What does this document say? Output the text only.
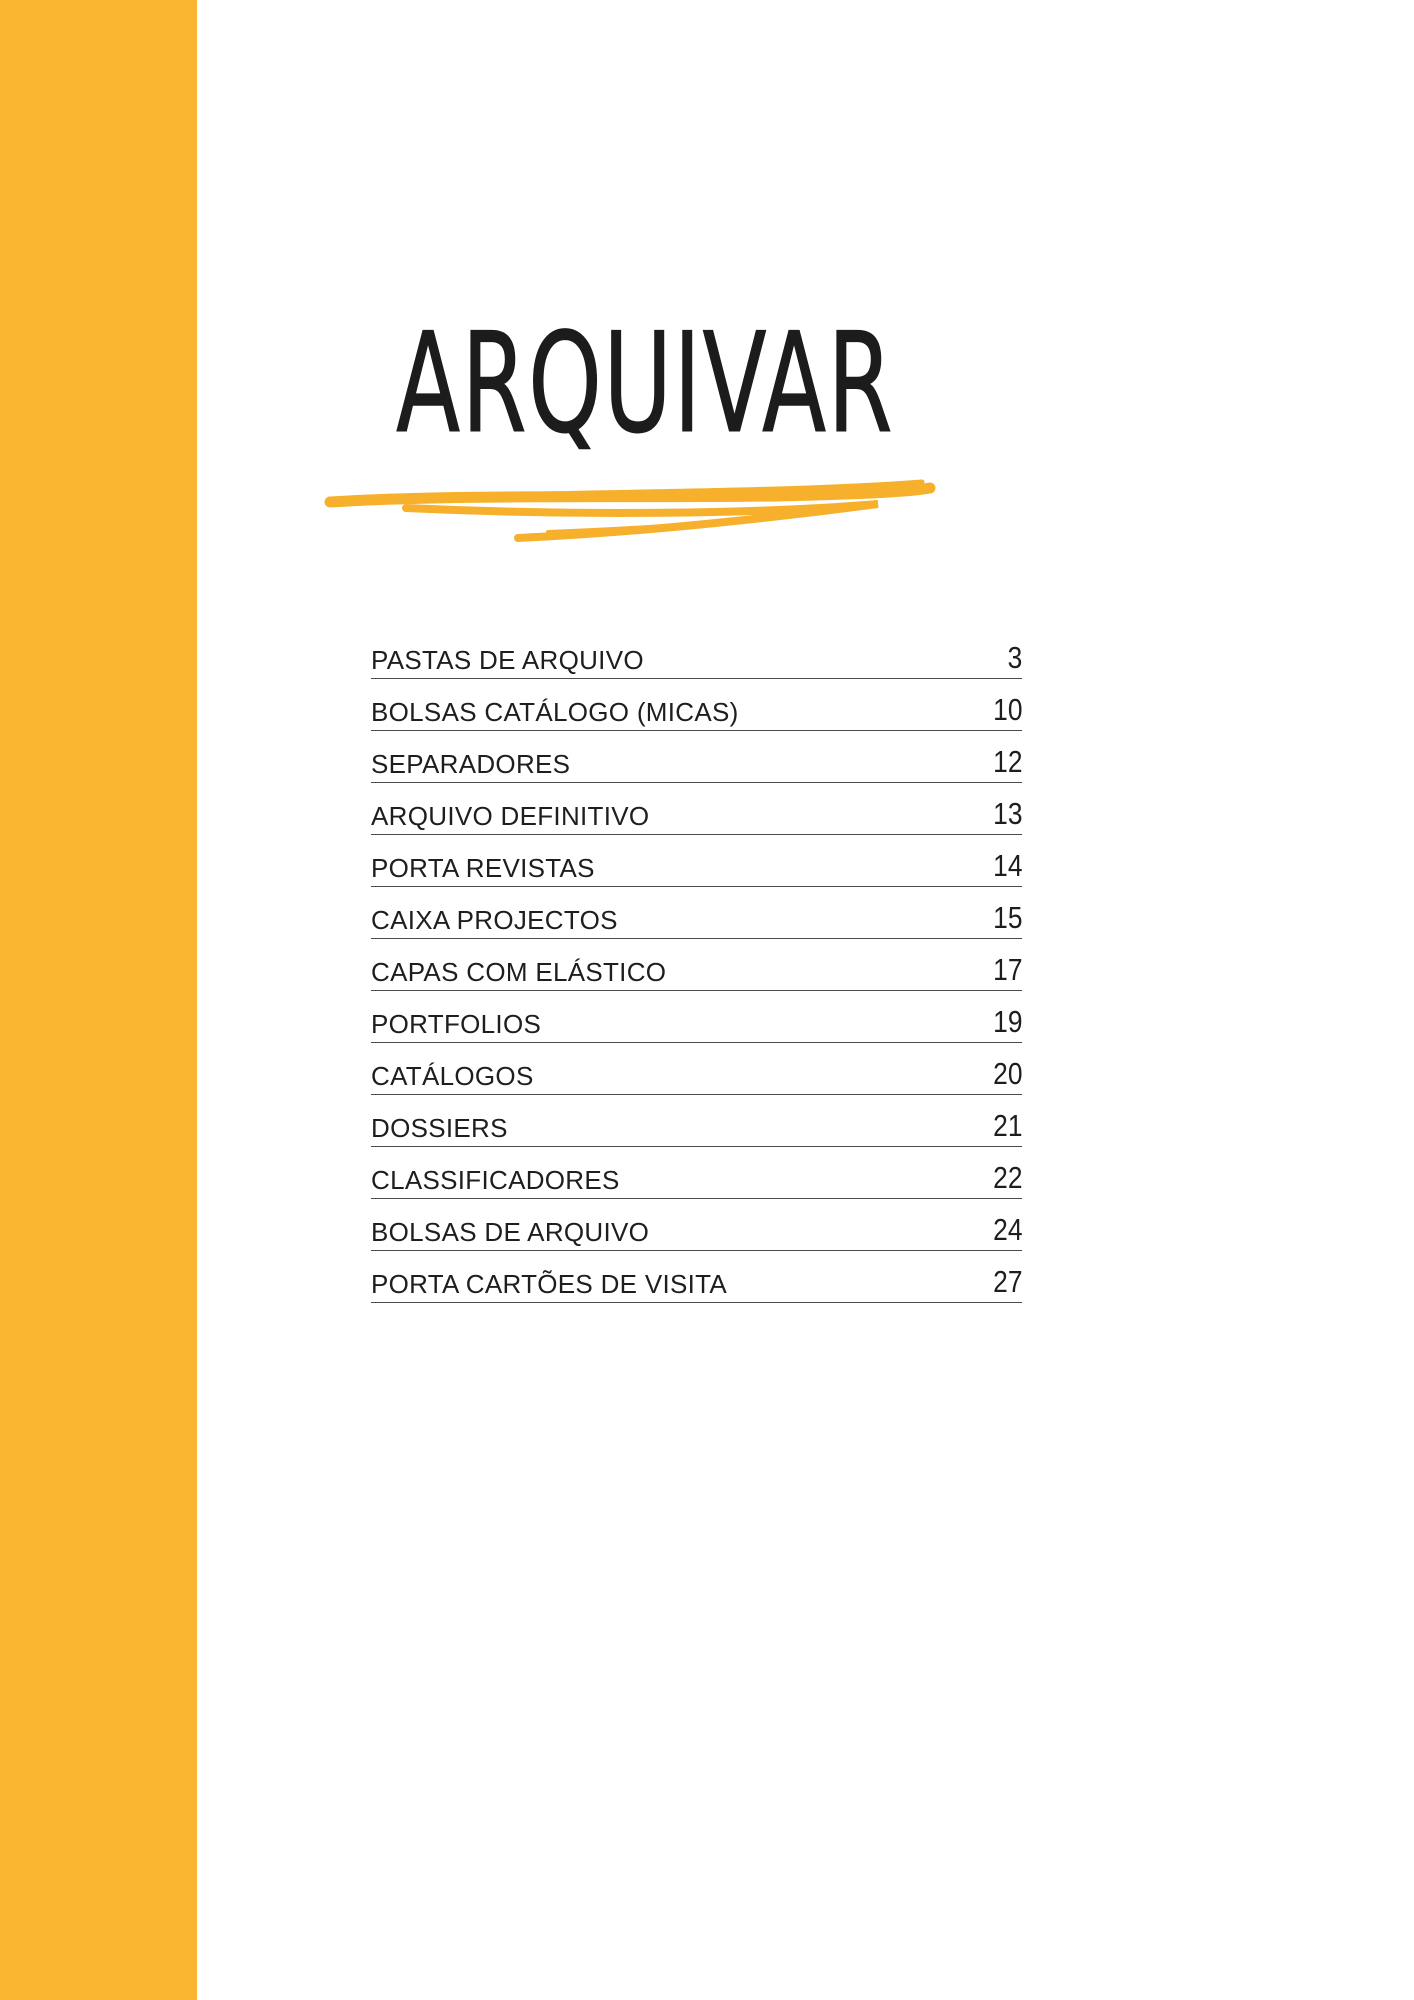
ARQUIVAR
PASTAS DE ARQUIVO	3
BOLSAS CATÁLOGO (MICAS)	10
SEPARADORES	12
ARQUIVO DEFINITIVO	13
PORTA REVISTAS	14
CAIXA PROJECTOS	15
CAPAS COM ELÁSTICO	17
PORTFOLIOS	19
CATÁLOGOS	20
DOSSIERS	21
CLASSIFICADORES	22
BOLSAS DE ARQUIVO	24
PORTA CARTÕES DE VISITA	27
